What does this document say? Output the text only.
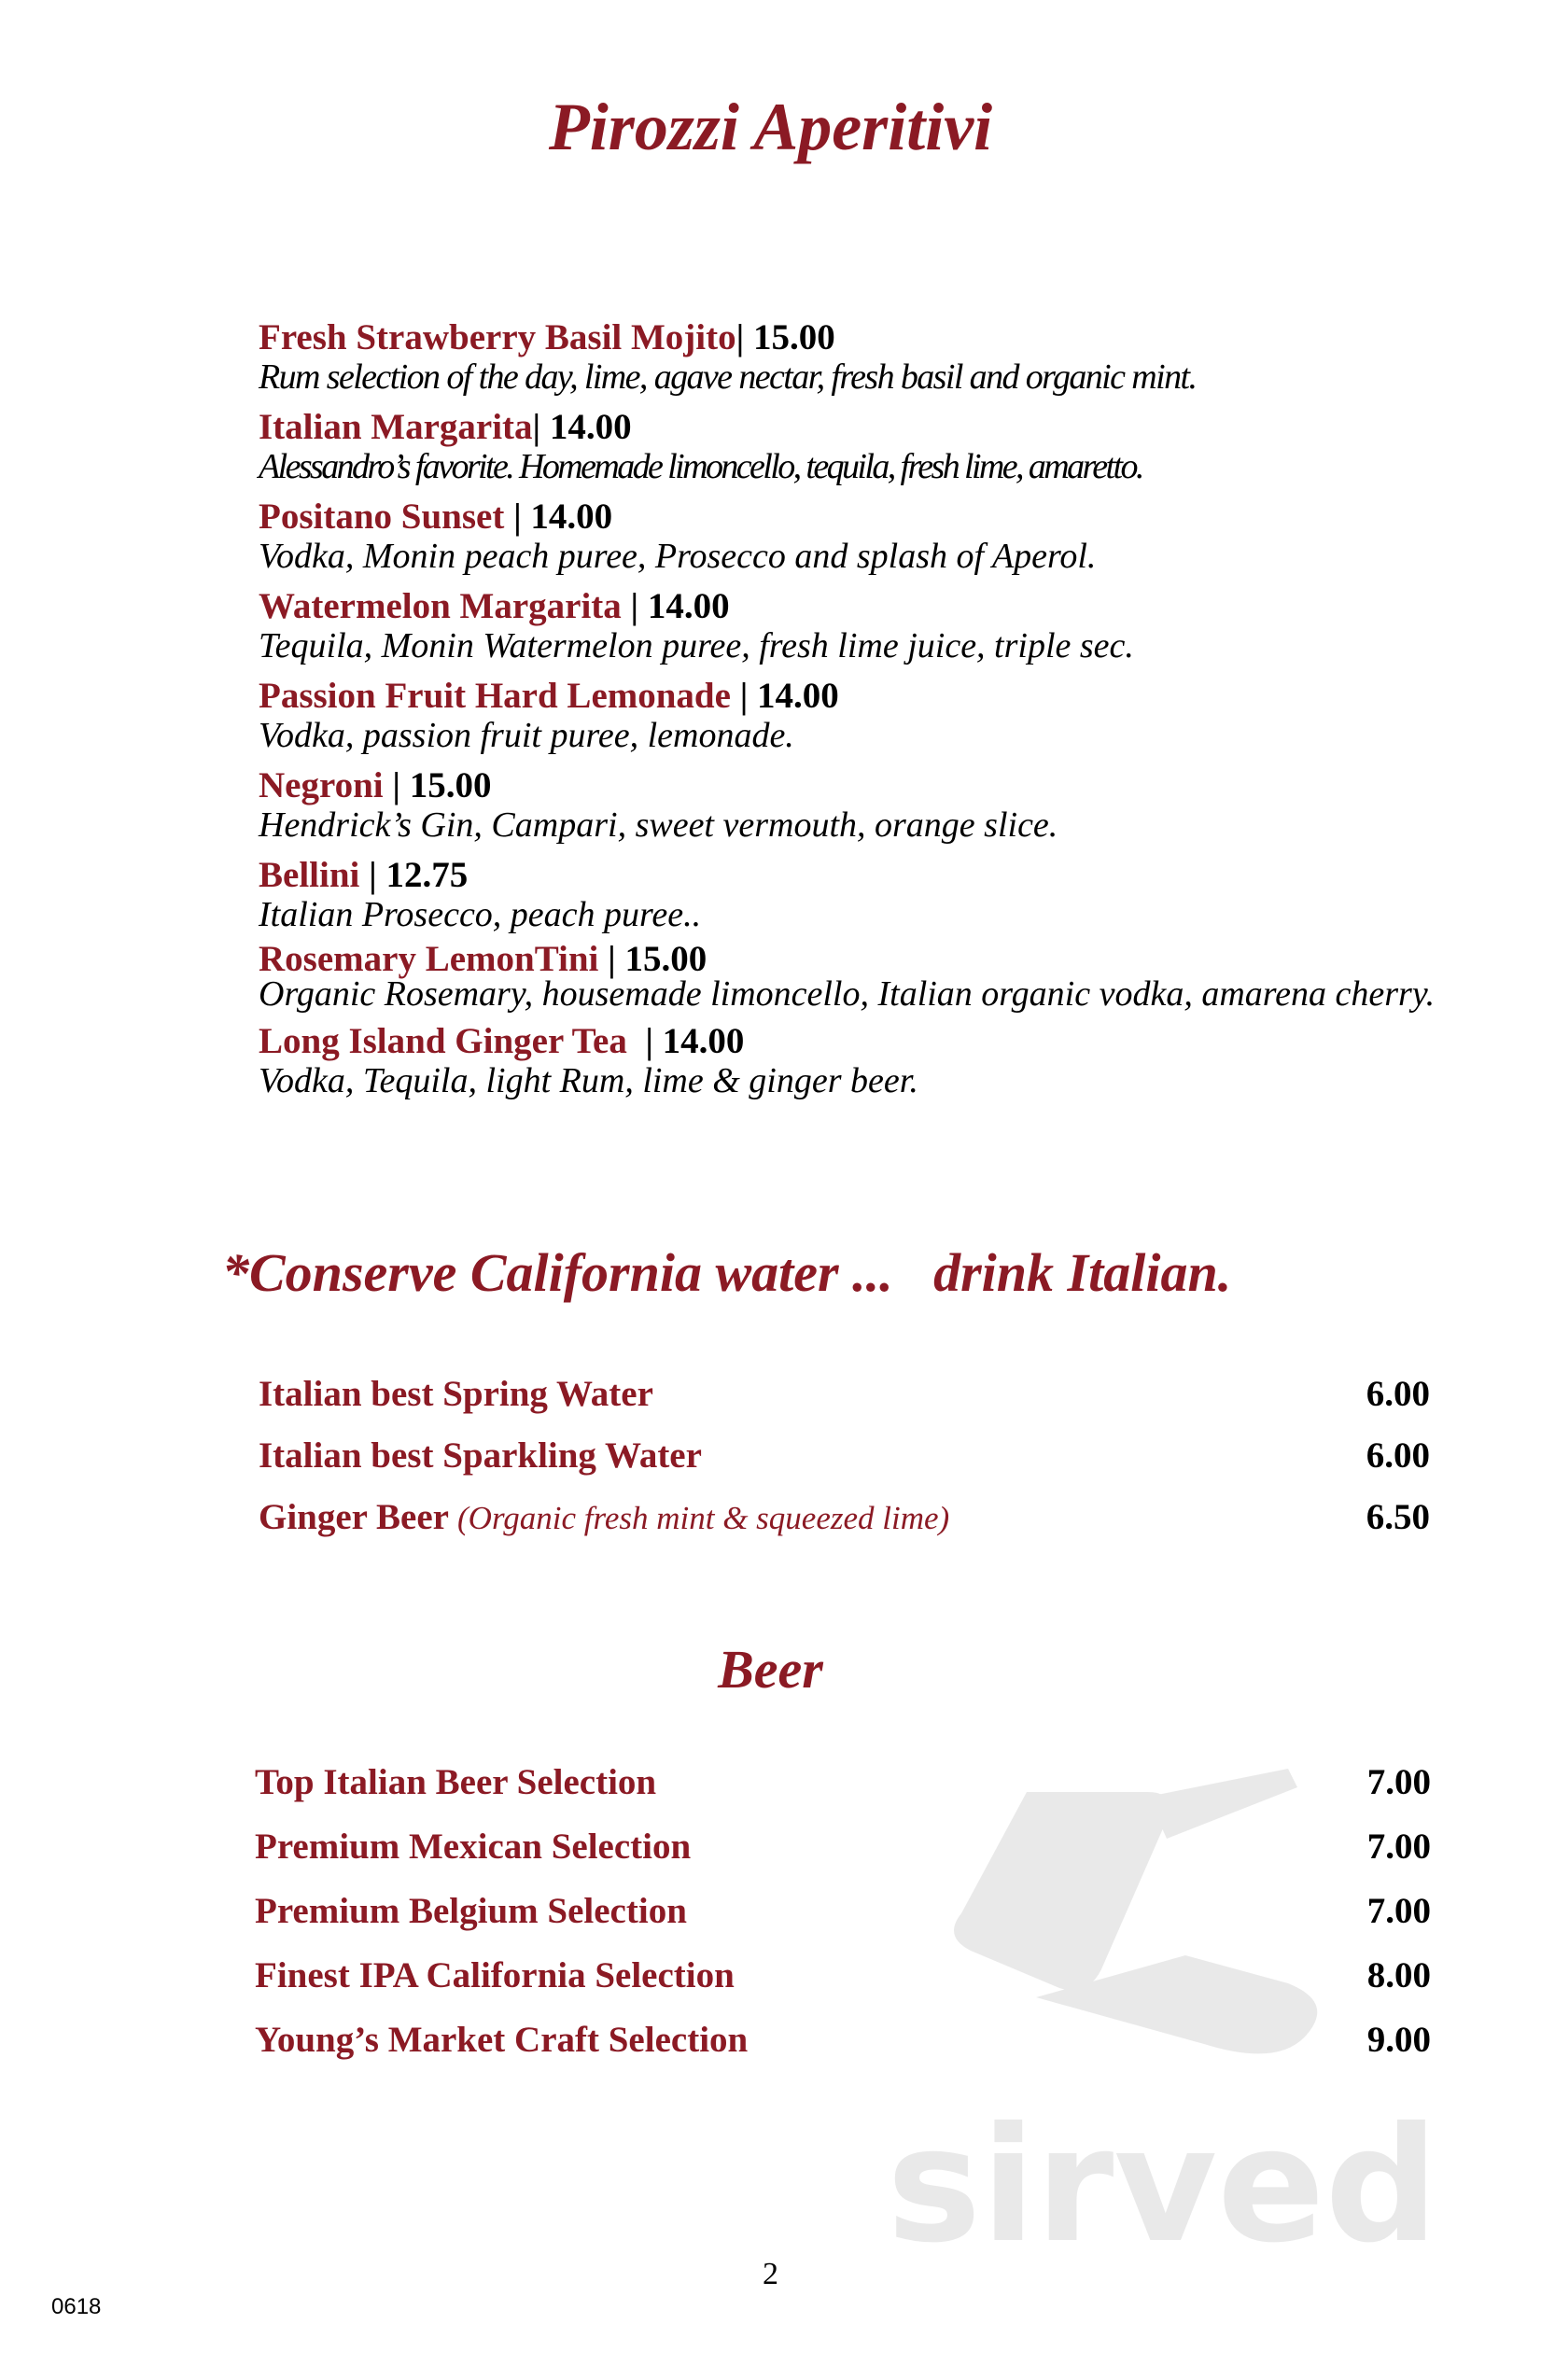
Pirozzi Aperitivi
Fresh Strawberry Basil Mojito| 15.00
Rum selection of the day, lime, agave nectar, fresh basil and organic mint.
Italian Margarita| 14.00
Alessandro’s favorite. Homemade limoncello, tequila, fresh lime, amaretto.
Positano Sunset | 14.00
Vodka, Monin peach puree, Prosecco and splash of Aperol.
Watermelon Margarita | 14.00
Tequila, Monin Watermelon puree, fresh lime juice, triple sec.
Passion Fruit Hard Lemonade | 14.00
Vodka, passion fruit puree, lemonade.
Negroni | 15.00
Hendrick’s Gin, Campari, sweet vermouth, orange slice.
Bellini | 12.75
Italian Prosecco, peach puree..
Rosemary LemonTini | 15.00
Organic Rosemary, housemade limoncello, Italian organic vodka, amarena cherry.
Long Island Ginger Tea  | 14.00
Vodka, Tequila, light Rum, lime & ginger beer.
*Conserve California water ...   drink Italian.
Italian best Spring Water	6.00
Italian best Sparkling Water	6.00
Ginger Beer (Organic fresh mint & squeezed lime)	6.50
Beer
Top Italian Beer Selection	7.00
Premium Mexican Selection	7.00
Premium Belgium Selection	7.00
Finest IPA California Selection	8.00
Young’s Market Craft Selection	9.00
sirved
2
0618
